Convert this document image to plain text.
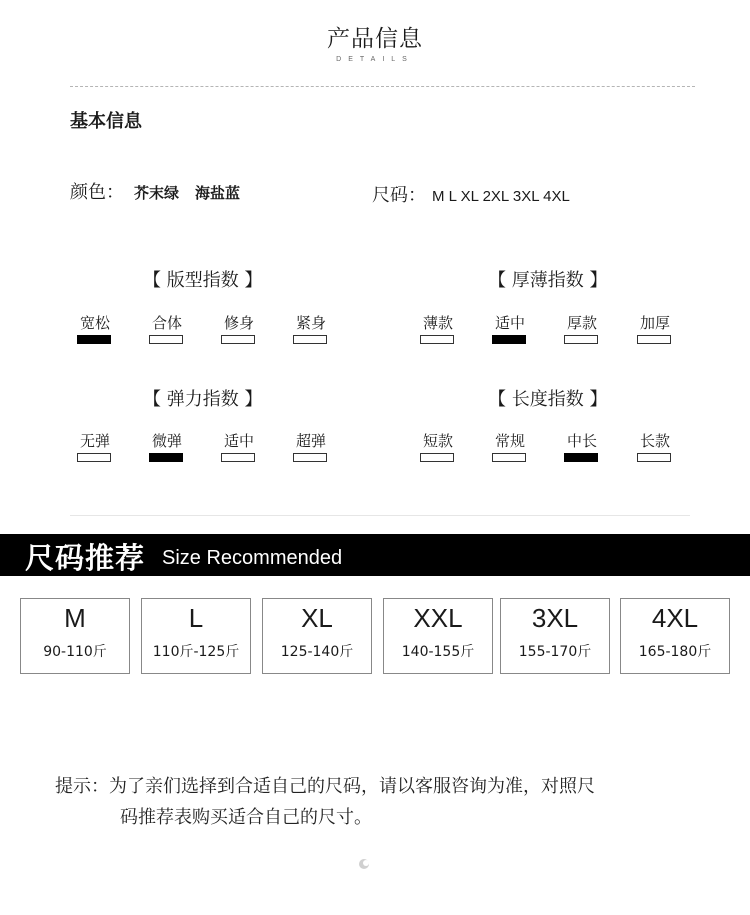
产品信息
DETAILS
基本信息
颜色： 芥末绿 海盐蓝	尺码： M L XL 2XL 3XL 4XL
【 版型指数 】
宽松	合体	修身	紧身
【 厚薄指数 】
薄款	适中	厚款	加厚
【 弹力指数 】
无弹	微弹	适中	超弹
【 长度指数 】
短款	常规	中长	长款
尺码推荐 Size Recommended
M
90-110斤
L
110斤-125斤
XL
125-140斤
XXL
140-155斤
3XL
155-170斤
4XL
165-180斤
提示：为了亲们选择到合适自己的尺码，请以客服咨询为准，对照尺
码推荐表购买适合自己的尺寸。
